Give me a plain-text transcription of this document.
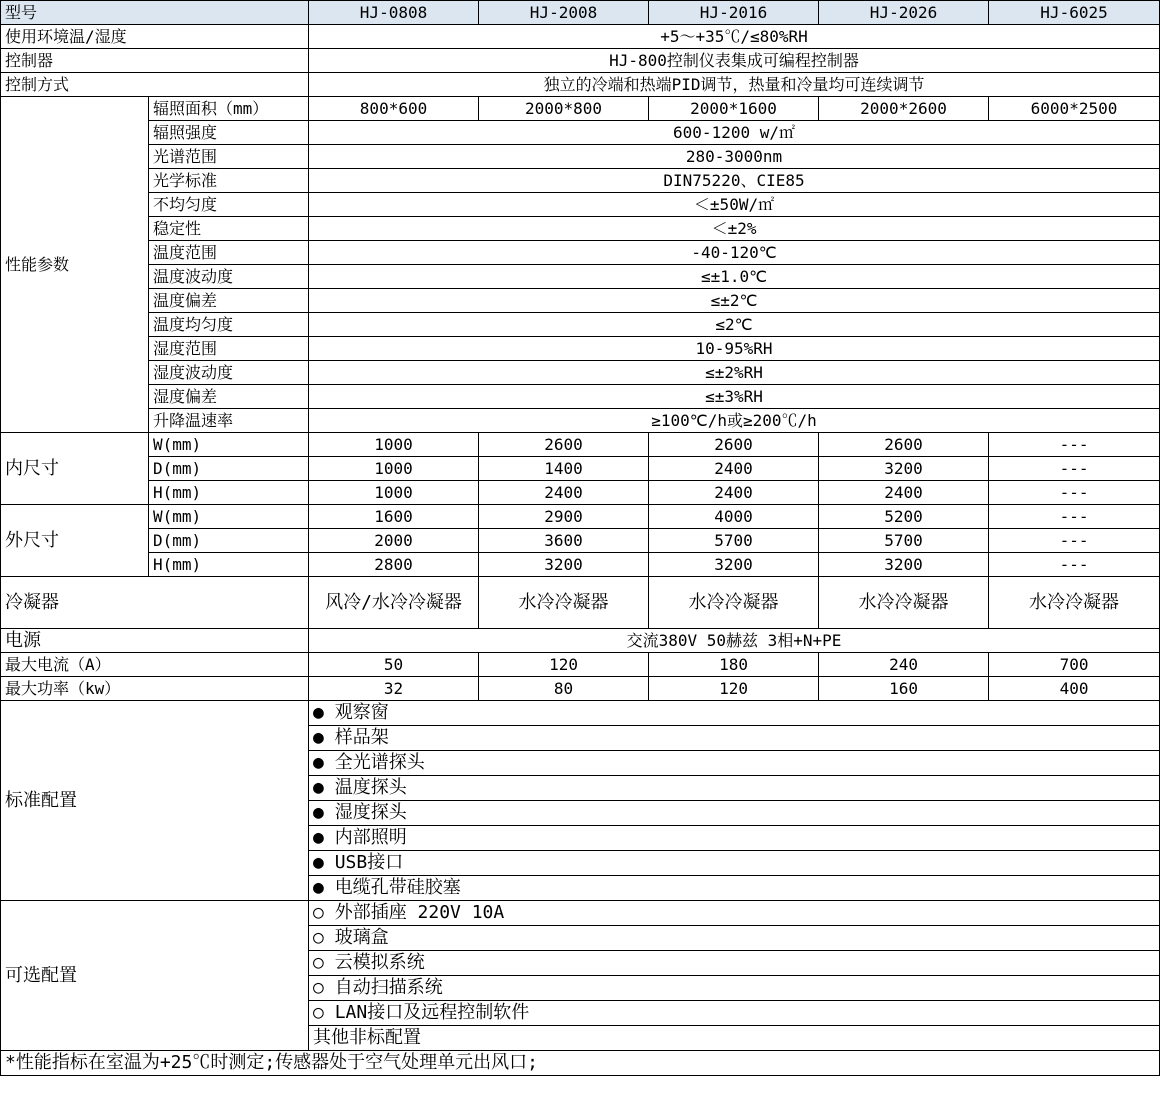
型号		HJ-0808	HJ-2008	HJ-2016	HJ-2026	HJ-6025
使用环境温/湿度		+5～+35℃/≤80%RH				
控制器		HJ-800控制仪表集成可编程控制器				
控制方式		独立的冷端和热端PID调节，热量和冷量均可连续调节				
性能参数	辐照面积（mm）	800*600	2000*800	2000*1600	2000*2600	6000*2500
	辐照强度	600-1200 w/㎡				
	光谱范围	280-3000nm				
	光学标准	DIN75220、CIE85				
	不均匀度	＜±50W/㎡				
	稳定性	＜±2%				
	温度范围	-40-120℃				
	温度波动度	≤±1.0℃				
	温度偏差	≤±2℃				
	温度均匀度	≤2℃				
	湿度范围	10-95%RH				
	湿度波动度	≤±2%RH				
	湿度偏差	≤±3%RH				
	升降温速率	≥100℃/h或≥200℃/h				
内尺寸	W(mm)	1000	2600	2600	2600	---
	D(mm)	1000	1400	2400	3200	---
	H(mm)	1000	2400	2400	2400	---
外尺寸	W(mm)	1600	2900	4000	5200	---
	D(mm)	2000	3600	5700	5700	---
	H(mm)	2800	3200	3200	3200	---
冷凝器		风冷/水冷冷凝器	水冷冷凝器	水冷冷凝器	水冷冷凝器	水冷冷凝器
电源		交流380V 50赫兹 3相+N+PE				
最大电流（A）		50	120	180	240	700
最大功率（kw）		32	80	120	160	400
标准配置		● 观察窗				
		● 样品架				
		● 全光谱探头				
		● 温度探头				
		● 湿度探头				
		● 内部照明				
		● USB接口				
		● 电缆孔带硅胶塞				
可选配置		○ 外部插座 220V 10A				
		○ 玻璃盒				
		○ 云模拟系统				
		○ 自动扫描系统				
		○ LAN接口及远程控制软件				
		其他非标配置				
*性能指标在室温为+25℃时测定;传感器处于空气处理单元出风口;						
